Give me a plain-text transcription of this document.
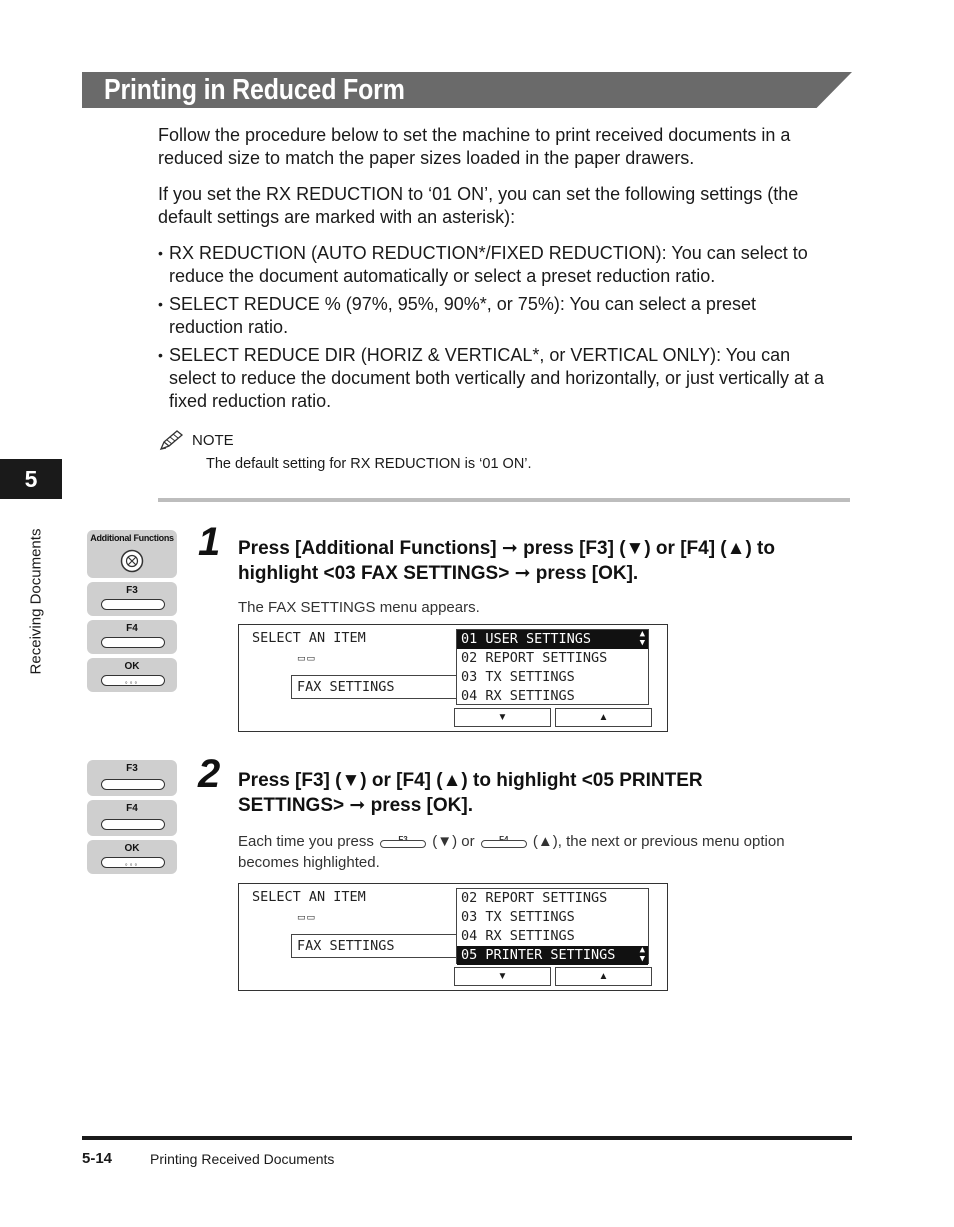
Printing in Reduced Form
Follow the procedure below to set the machine to print received documents in a
reduced size to match the paper sizes loaded in the paper drawers.
If you set the RX REDUCTION to ‘01 ON’, you can set the following settings (the
default settings are marked with an asterisk):
• RX REDUCTION (AUTO REDUCTION*/FIXED REDUCTION): You can select to
reduce the document automatically or select a preset reduction ratio.
• SELECT REDUCE % (97%, 95%, 90%*, or 75%): You can select a preset
reduction ratio.
• SELECT REDUCE DIR (HORIZ & VERTICAL*, or VERTICAL ONLY): You can
select to reduce the document both vertically and horizontally, or just vertically at a
fixed reduction ratio.
NOTE
The default setting for RX REDUCTION is ‘01 ON’.
5
Receiving Documents	Additional Functions
F3
F4
OK
◦◦◦
1 Press [Additional Functions] ➞ press [F3] (▼) or [F4] (▲) to
highlight <03 FAX SETTINGS> ➞ press [OK].
The FAX SETTINGS menu appears.
SELECT AN ITEM
▭▭
FAX SETTINGS
01 USER SETTINGS	▲
▼
02 REPORT SETTINGS
03 TX SETTINGS
04 RX SETTINGS
▼	▲
F3
F4
OK
◦◦◦
2 Press [F3] (▼) or [F4] (▲) to highlight <05 PRINTER
SETTINGS> ➞ press [OK].
Each time you press	(▼) or	(▲), the next or previous menu option
becomes highlighted.
SELECT AN ITEM
▭▭
FAX SETTINGS
02 REPORT SETTINGS
03 TX SETTINGS
04 RX SETTINGS
05 PRINTER SETTINGS	▲
▼
▼	▲
5-14	Printing Received Documents
